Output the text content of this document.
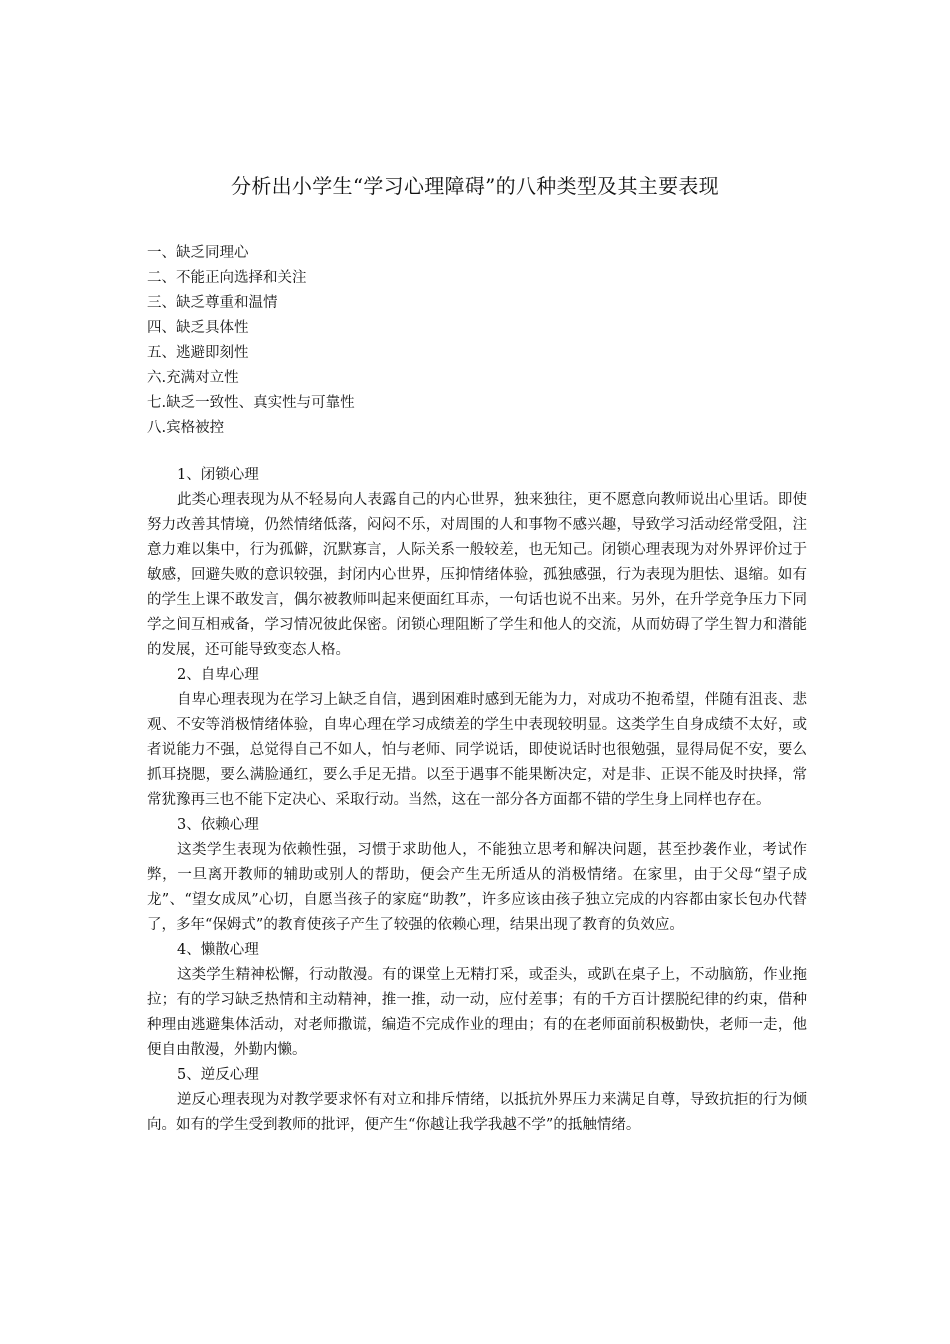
分析出小学生“学习心理障碍”的八种类型及其主要表现
一、缺乏同理心
二、不能正向选择和关注
三、缺乏尊重和温情
四、缺乏具体性
五、逃避即刻性
六.充满对立性
七.缺乏一致性、真实性与可靠性
八.宾格被控
1、闭锁心理

此类心理表现为从不轻易向人表露自己的内心世界，独来独往，更不愿意向教师说出心里话。即使努力改善其情境，仍然情绪低落，闷闷不乐，对周围的人和事物不感兴趣，导致学习活动经常受阻，注意力难以集中，行为孤僻，沉默寡言，人际关系一般较差，也无知己。闭锁心理表现为对外界评价过于敏感，回避失败的意识较强，封闭内心世界，压抑情绪体验，孤独感强，行为表现为胆怯、退缩。如有的学生上课不敢发言，偶尔被教师叫起来便面红耳赤，一句话也说不出来。另外，在升学竞争压力下同学之间互相戒备，学习情况彼此保密。闭锁心理阻断了学生和他人的交流，从而妨碍了学生智力和潜能的发展，还可能导致变态人格。

2、自卑心理

自卑心理表现为在学习上缺乏自信，遇到困难时感到无能为力，对成功不抱希望，伴随有沮丧、悲观、不安等消极情绪体验，自卑心理在学习成绩差的学生中表现较明显。这类学生自身成绩不太好，或者说能力不强，总觉得自己不如人，怕与老师、同学说话，即使说话时也很勉强，显得局促不安，要么抓耳挠腮，要么满脸通红，要么手足无措。以至于遇事不能果断决定，对是非、正误不能及时抉择，常常犹豫再三也不能下定决心、采取行动。当然，这在一部分各方面都不错的学生身上同样也存在。

3、依赖心理

这类学生表现为依赖性强，习惯于求助他人，不能独立思考和解决问题，甚至抄袭作业，考试作弊，一旦离开教师的辅助或别人的帮助，便会产生无所适从的消极情绪。在家里，由于父母“望子成龙”、“望女成凤”心切，自愿当孩子的家庭“助教”，许多应该由孩子独立完成的内容都由家长包办代替了，多年“保姆式”的教育使孩子产生了较强的依赖心理，结果出现了教育的负效应。

4、懒散心理

这类学生精神松懈，行动散漫。有的课堂上无精打采，或歪头，或趴在桌子上，不动脑筋，作业拖拉；有的学习缺乏热情和主动精神，推一推，动一动，应付差事；有的千方百计摆脱纪律的约束，借种种理由逃避集体活动，对老师撒谎，编造不完成作业的理由；有的在老师面前积极勤快，老师一走，他便自由散漫，外勤内懒。

5、逆反心理

逆反心理表现为对教学要求怀有对立和排斥情绪，以抵抗外界压力来满足自尊，导致抗拒的行为倾向。如有的学生受到教师的批评，便产生“你越让我学我越不学”的抵触情绪。
